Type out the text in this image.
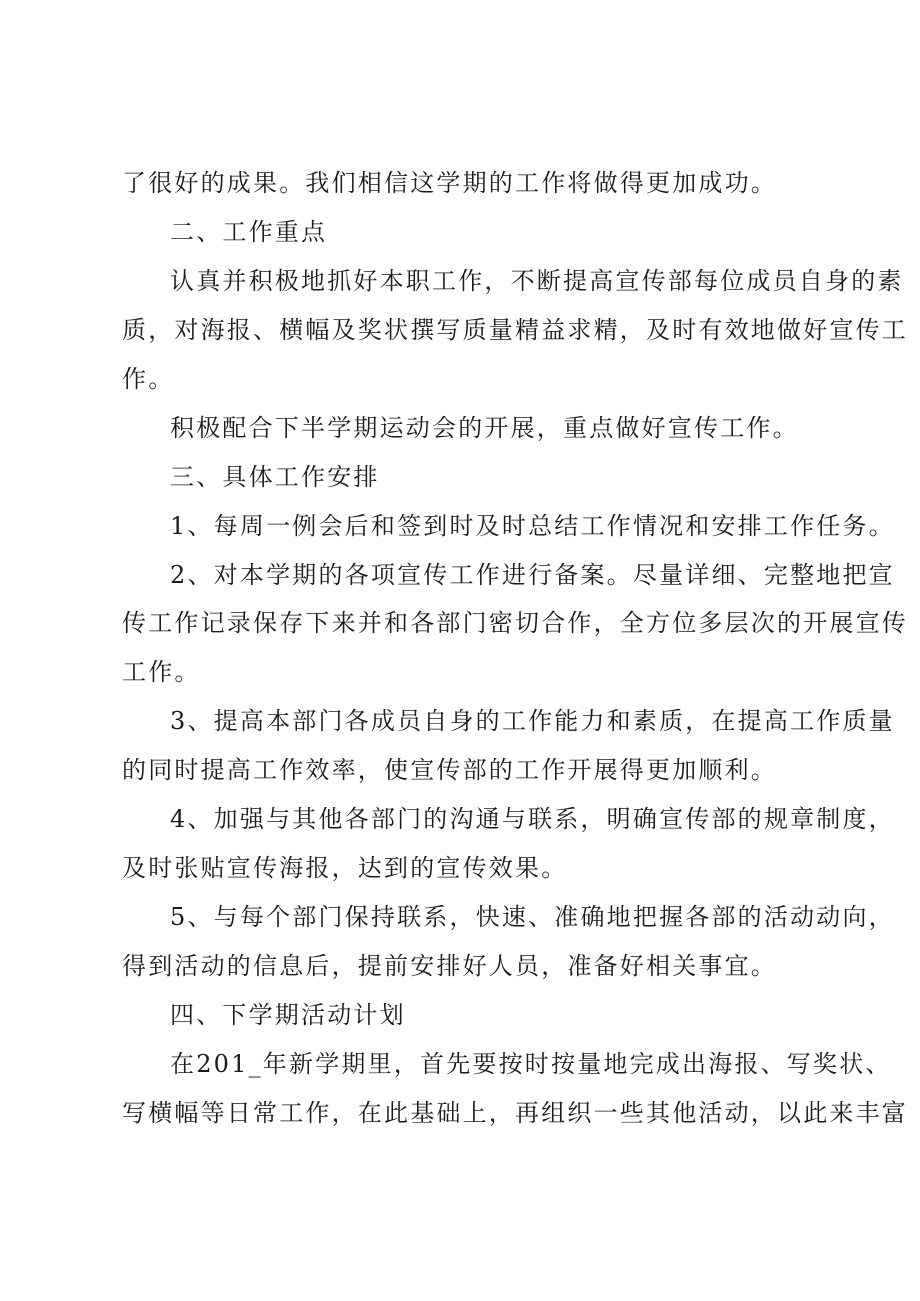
了很好的成果。我们相信这学期的工作将做得更加成功。
二、工作重点
认真并积极地抓好本职工作，不断提高宣传部每位成员自身的素
质，对海报、横幅及奖状撰写质量精益求精，及时有效地做好宣传工
作。
积极配合下半学期运动会的开展，重点做好宣传工作。
三、具体工作安排
1、每周一例会后和签到时及时总结工作情况和安排工作任务。
2、对本学期的各项宣传工作进行备案。尽量详细、完整地把宣
传工作记录保存下来并和各部门密切合作，全方位多层次的开展宣传
工作。
3、提高本部门各成员自身的工作能力和素质，在提高工作质量
的同时提高工作效率，使宣传部的工作开展得更加顺利。
4、加强与其他各部门的沟通与联系，明确宣传部的规章制度，
及时张贴宣传海报，达到的宣传效果。
5、与每个部门保持联系，快速、准确地把握各部的活动动向，
得到活动的信息后，提前安排好人员，准备好相关事宜。
四、下学期活动计划
在201_年新学期里，首先要按时按量地完成出海报、写奖状、
写横幅等日常工作，在此基础上，再组织一些其他活动，以此来丰富
